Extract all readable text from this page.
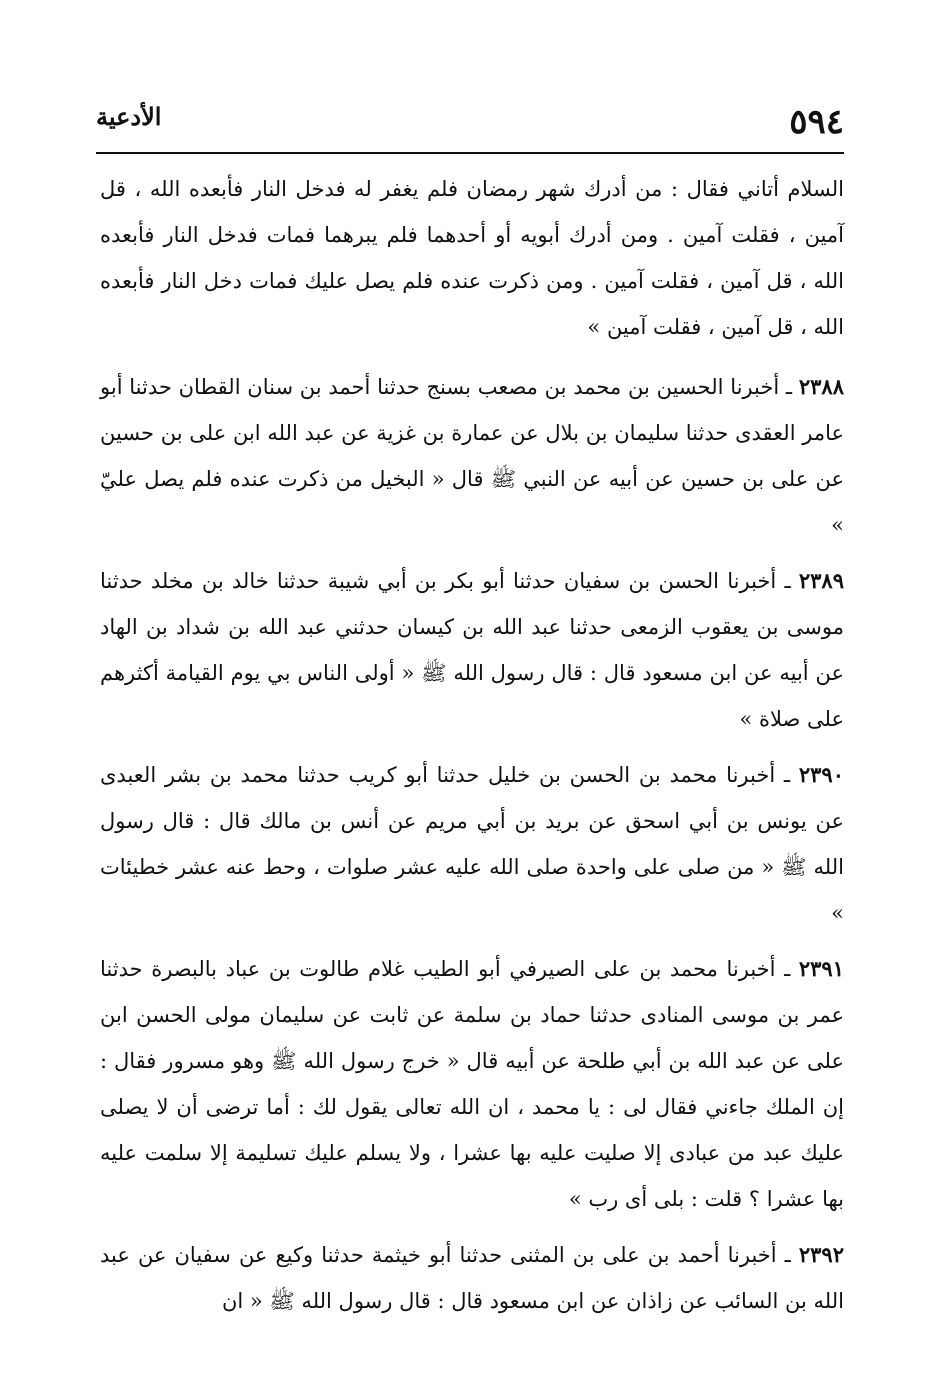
٥٩٤
الأدعية

السلام أتاني فقال : من أدرك شهر رمضان فلم يغفر له فدخل النار فأبعده الله ، قل آمين ، فقلت آمين . ومن أدرك أبويه أو أحدهما فلم يبرهما فمات فدخل النار فأبعده الله ، قل آمين ، فقلت آمين . ومن ذكرت عنده فلم يصل عليك فمات دخل النار فأبعده الله ، قل آمين ، فقلت آمين »

٢٣٨٨ ـ أخبرنا الحسين بن محمد بن مصعب بسنج حدثنا أحمد بن سنان القطان حدثنا أبو عامر العقدى حدثنا سليمان بن بلال عن عمارة بن غزية عن عبد الله ابن على بن حسين عن على بن حسين عن أبيه عن النبي ﷺ قال « البخيل من ذكرت عنده فلم يصل عليّ »

٢٣٨٩ ـ أخبرنا الحسن بن سفيان حدثنا أبو بكر بن أبي شيبة حدثنا خالد بن مخلد حدثنا موسى بن يعقوب الزمعى حدثنا عبد الله بن كيسان حدثني عبد الله بن شداد بن الهاد عن أبيه عن ابن مسعود قال : قال رسول الله ﷺ « أولى الناس بي يوم القيامة أكثرهم على صلاة »

٢٣٩٠ ـ أخبرنا محمد بن الحسن بن خليل حدثنا أبو كريب حدثنا محمد بن بشر العبدى عن يونس بن أبي اسحق عن بريد بن أبي مريم عن أنس بن مالك قال : قال رسول الله ﷺ « من صلى على واحدة صلى الله عليه عشر صلوات ، وحط عنه عشر خطيئات »

٢٣٩١ ـ أخبرنا محمد بن على الصيرفي أبو الطيب غلام طالوت بن عباد بالبصرة حدثنا عمر بن موسى المنادى حدثنا حماد بن سلمة عن ثابت عن سليمان مولى الحسن ابن على عن عبد الله بن أبي طلحة عن أبيه قال « خرج رسول الله ﷺ وهو مسرور فقال : إن الملك جاءني فقال لى : يا محمد ، ان الله تعالى يقول لك : أما ترضى أن لا يصلى عليك عبد من عبادى إلا صليت عليه بها عشرا ، ولا يسلم عليك تسليمة إلا سلمت عليه بها عشرا ؟ قلت : بلى أى رب »

٢٣٩٢ ـ أخبرنا أحمد بن على بن المثنى حدثنا أبو خيثمة حدثنا وكيع عن سفيان عن عبد الله بن السائب عن زاذان عن ابن مسعود قال : قال رسول الله ﷺ « ان
